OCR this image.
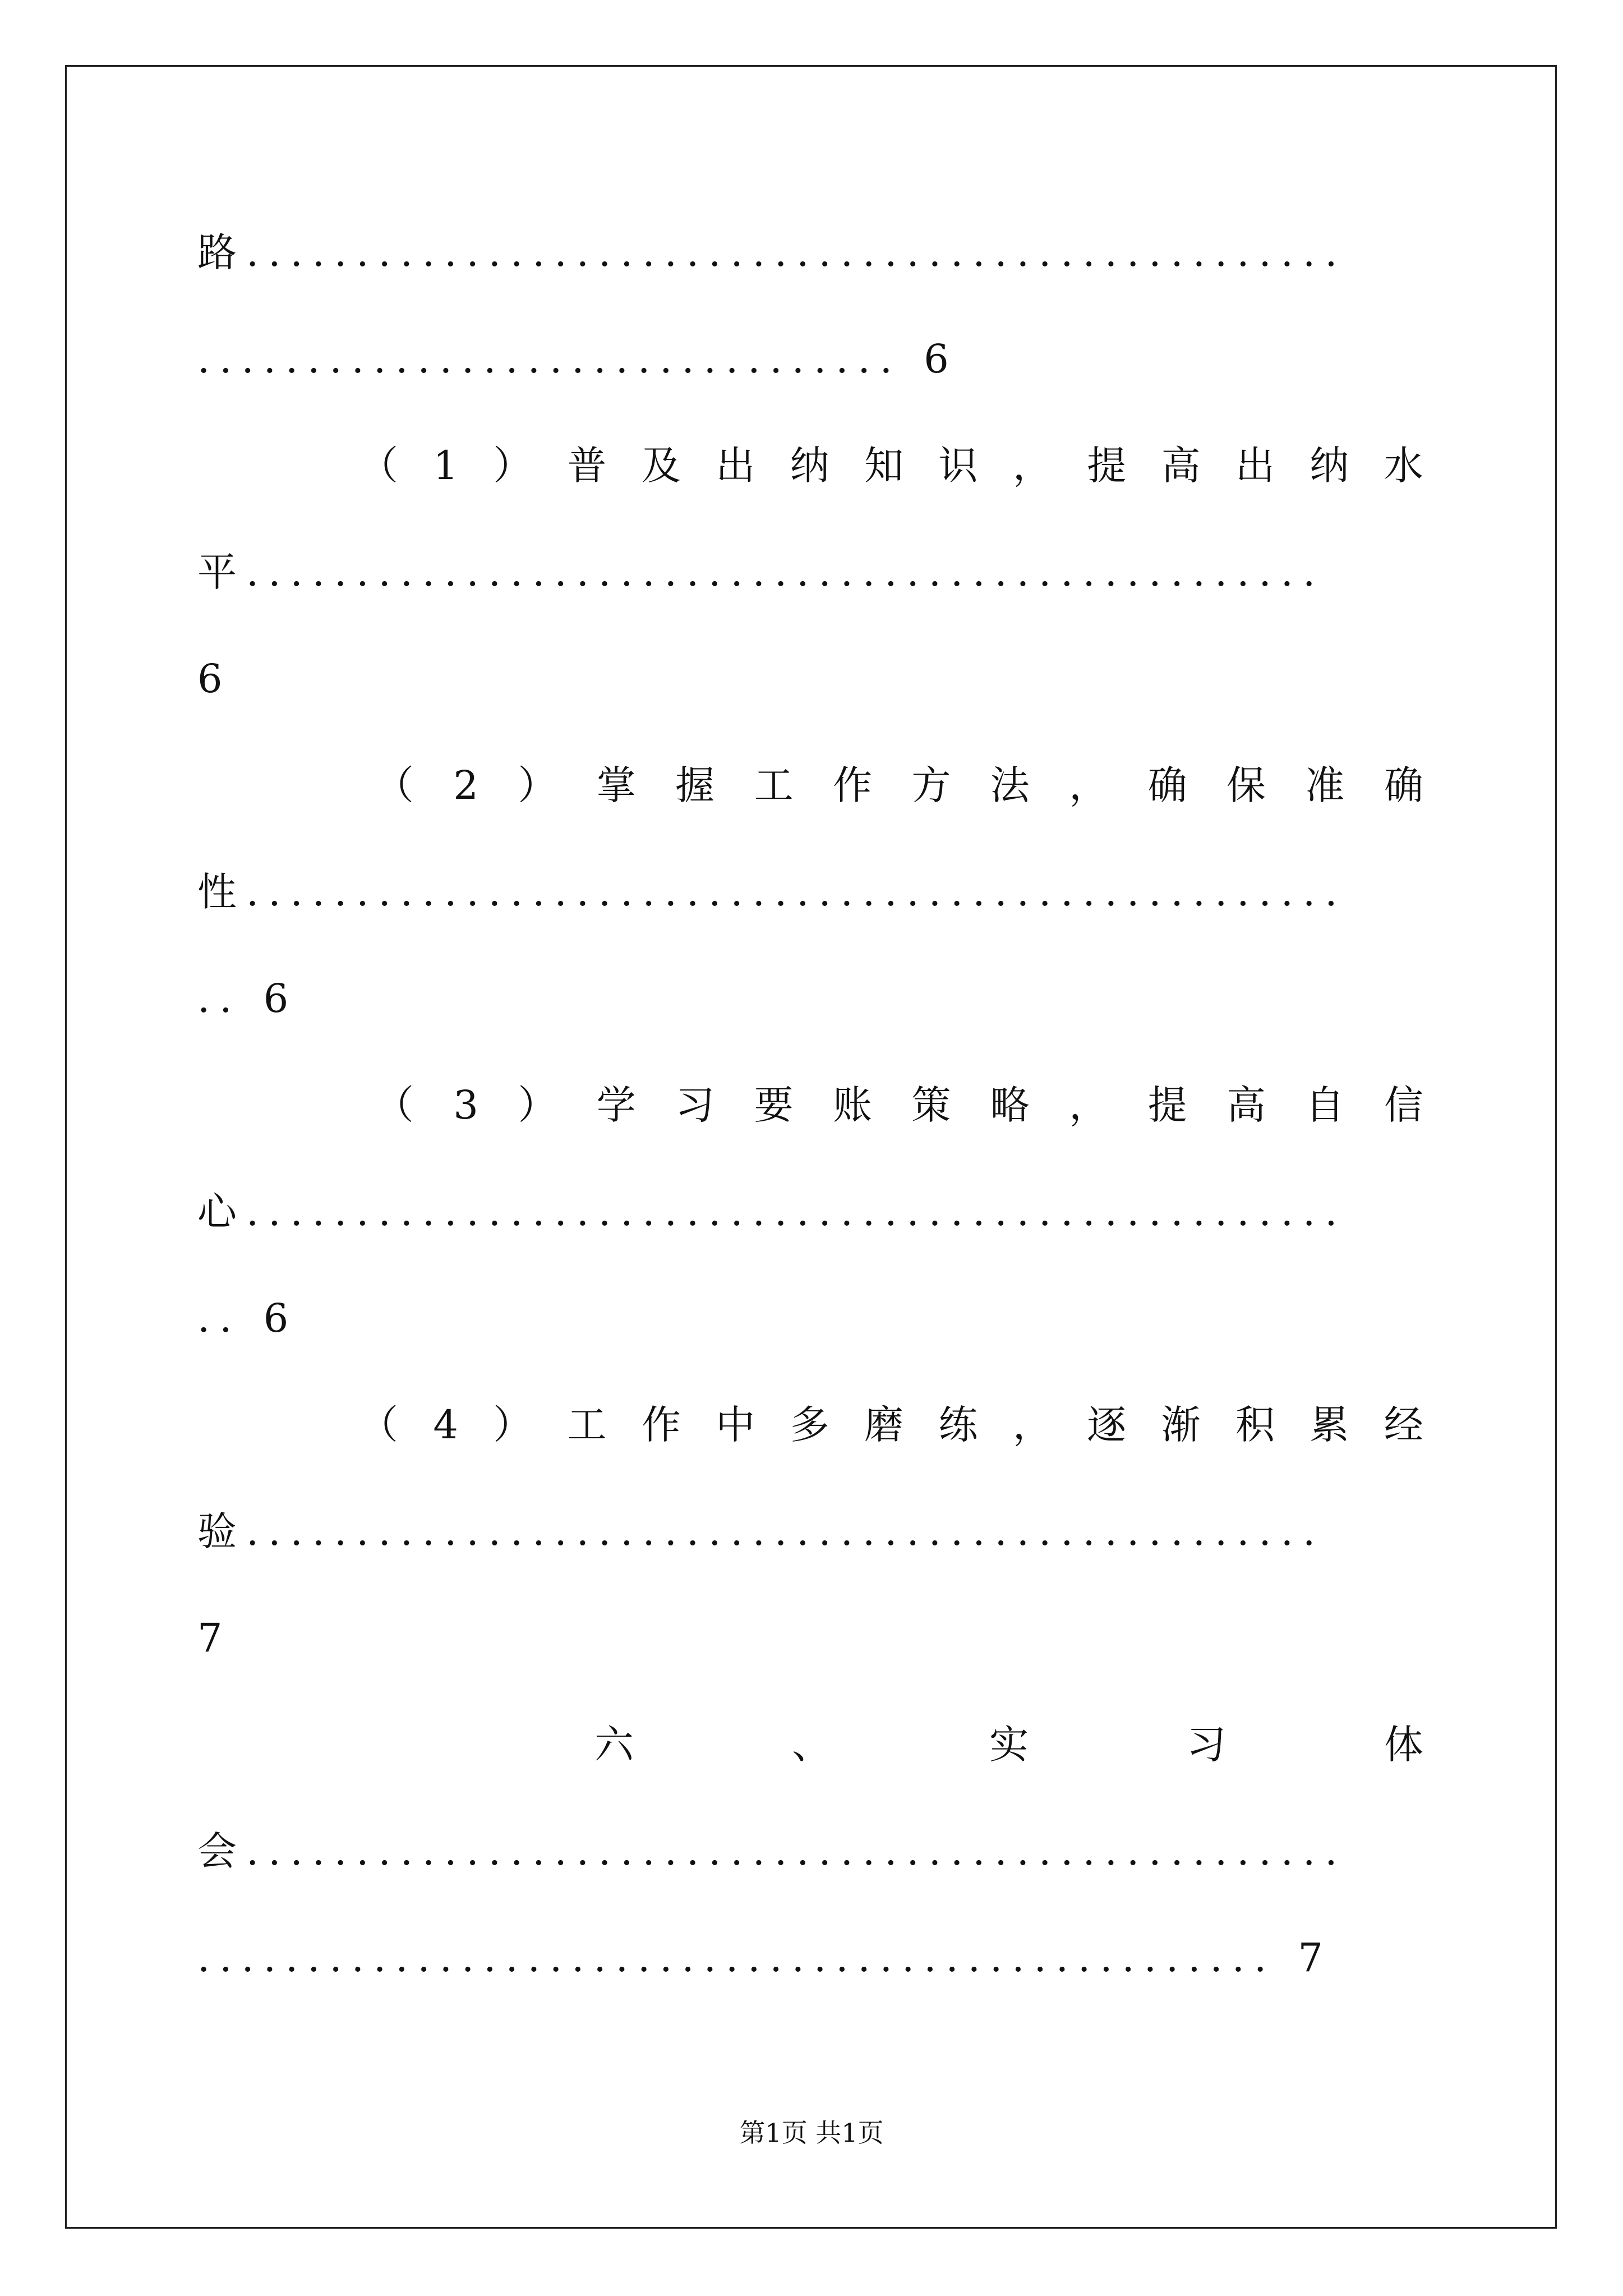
路..................................................
................................ 6
（ 1 ） 普 及 出 纳 知 识 ， 提 高 出 纳 水
平.................................................
6
（ 2 ） 掌 握 工 作 方 法 ， 确 保 准 确
性..................................................
.. 6
（ 3 ） 学 习 要 账 策 略 ， 提 高 自 信
心..................................................
.. 6
（ 4 ） 工 作 中 多 磨 练 ， 逐 渐 积 累 经
验.................................................
7
六	、	实	习	体
会..................................................
................................................. 7
第1页 共1页
